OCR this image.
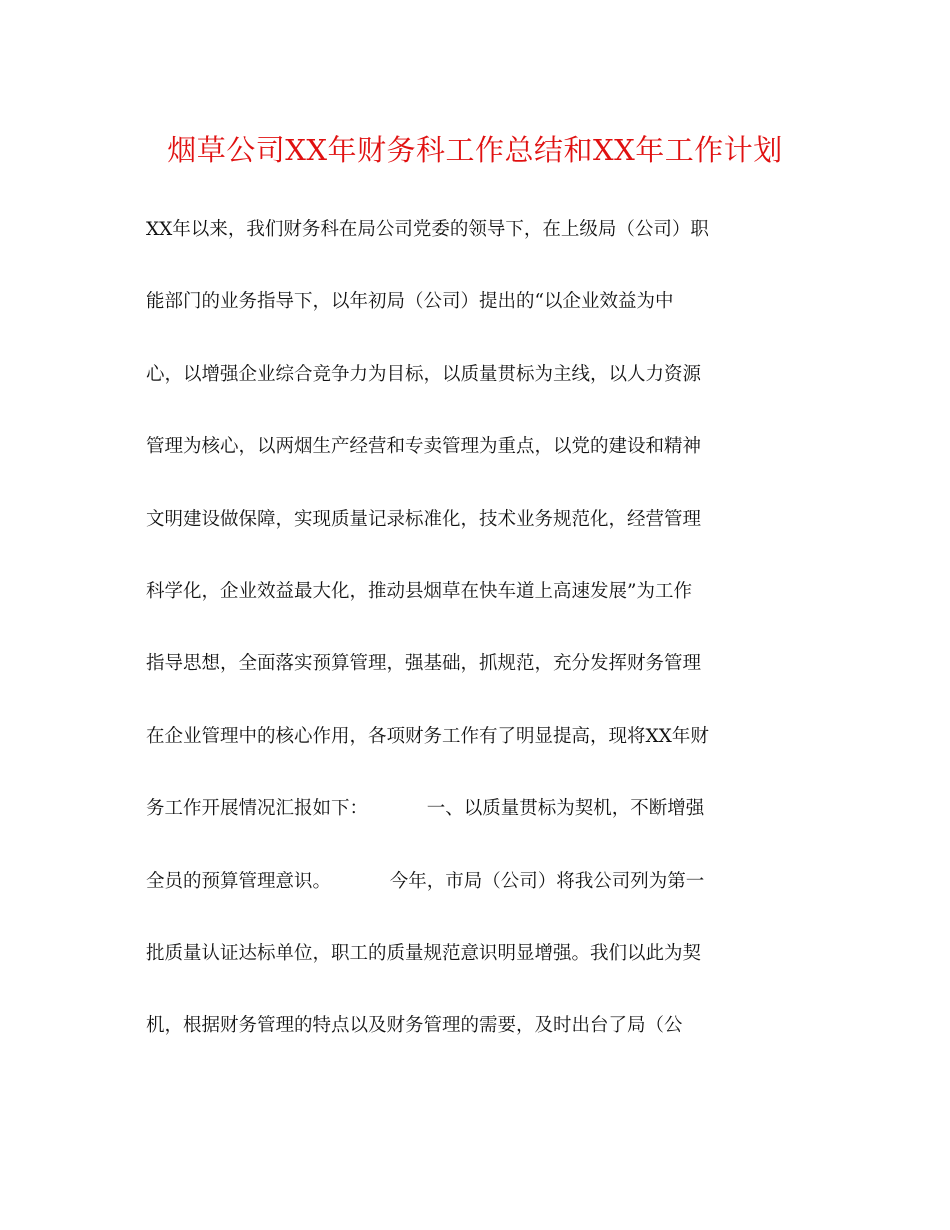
烟草公司XX年财务科工作总结和XX年工作计划
XX年以来，我们财务科在局公司党委的领导下，在上级局（公司）职
能部门的业务指导下，以年初局（公司）提出的“以企业效益为中
心，以增强企业综合竞争力为目标，以质量贯标为主线，以人力资源
管理为核心，以两烟生产经营和专卖管理为重点，以党的建设和精神
文明建设做保障，实现质量记录标准化，技术业务规范化，经营管理
科学化，企业效益最大化，推动县烟草在快车道上高速发展”为工作
指导思想，全面落实预算管理，强基础，抓规范，充分发挥财务管理
在企业管理中的核心作用，各项财务工作有了明显提高，现将XX年财
务工作开展情况汇报如下：          一、以质量贯标为契机，不断增强
全员的预算管理意识。          今年，市局（公司）将我公司列为第一
批质量认证达标单位，职工的质量规范意识明显增强。我们以此为契
机，根据财务管理的特点以及财务管理的需要，及时出台了局（公
